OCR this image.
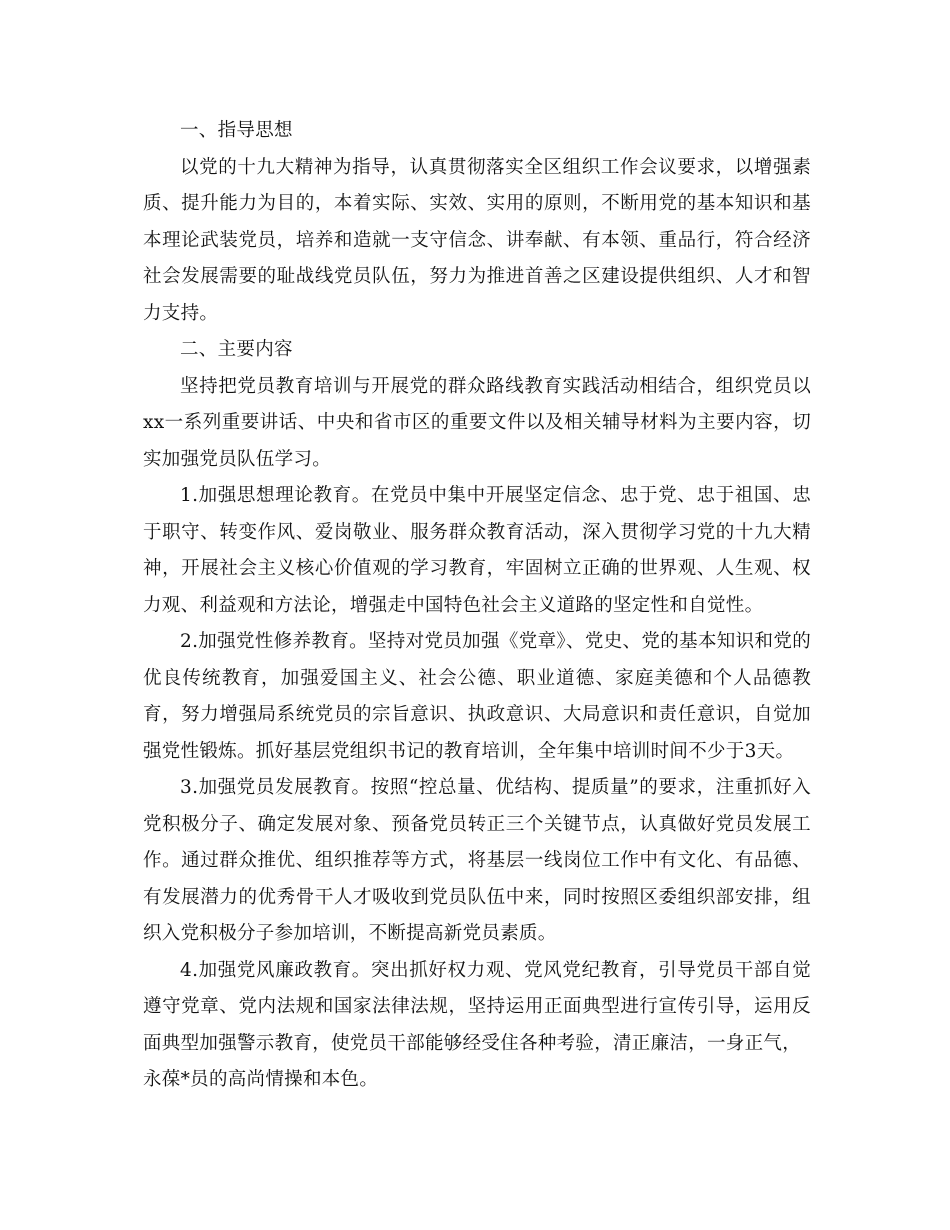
一、指导思想

以党的十九大精神为指导，认真贯彻落实全区组织工作会议要求，以增强素质、提升能力为目的，本着实际、实效、实用的原则，不断用党的基本知识和基本理论武装党员，培养和造就一支守信念、讲奉献、有本领、重品行，符合经济社会发展需要的耻战线党员队伍，努力为推进首善之区建设提供组织、人才和智力支持。

二、主要内容

坚持把党员教育培训与开展党的群众路线教育实践活动相结合，组织党员以xx一系列重要讲话、中央和省市区的重要文件以及相关辅导材料为主要内容，切实加强党员队伍学习。

1.加强思想理论教育。在党员中集中开展坚定信念、忠于党、忠于祖国、忠于职守、转变作风、爱岗敬业、服务群众教育活动，深入贯彻学习党的十九大精神，开展社会主义核心价值观的学习教育，牢固树立正确的世界观、人生观、权力观、利益观和方法论，增强走中国特色社会主义道路的坚定性和自觉性。

2.加强党性修养教育。坚持对党员加强《党章》、党史、党的基本知识和党的优良传统教育，加强爱国主义、社会公德、职业道德、家庭美德和个人品德教育，努力增强局系统党员的宗旨意识、执政意识、大局意识和责任意识，自觉加强党性锻炼。抓好基层党组织书记的教育培训，全年集中培训时间不少于3天。

3.加强党员发展教育。按照“控总量、优结构、提质量”的要求，注重抓好入党积极分子、确定发展对象、预备党员转正三个关键节点，认真做好党员发展工作。通过群众推优、组织推荐等方式，将基层一线岗位工作中有文化、有品德、有发展潜力的优秀骨干人才吸收到党员队伍中来，同时按照区委组织部安排，组织入党积极分子参加培训，不断提高新党员素质。

4.加强党风廉政教育。突出抓好权力观、党风党纪教育，引导党员干部自觉遵守党章、党内法规和国家法律法规，坚持运用正面典型进行宣传引导，运用反面典型加强警示教育，使党员干部能够经受住各种考验，清正廉洁，一身正气，
永葆*员的高尚情操和本色。
